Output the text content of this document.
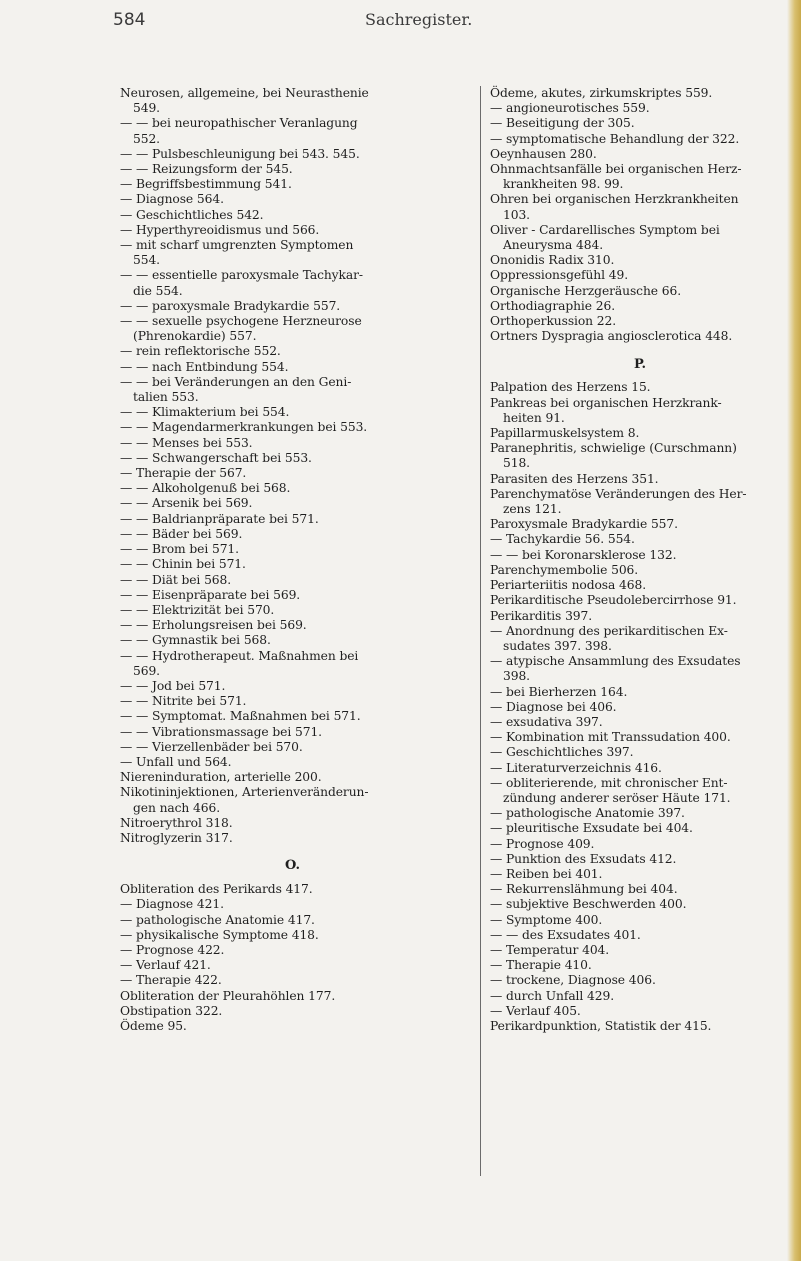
584	Sachregister.
Neurosen, allgemeine, bei Neurasthenie
549.
— — bei neuropathischer Veranlagung
552.
— — Pulsbeschleunigung bei 543. 545.
— — Reizungsform der 545.
— Begriffsbestimmung 541.
— Diagnose 564.
— Geschichtliches 542.
— Hyperthyreoidismus und 566.
— mit scharf umgrenzten Symptomen
554.
— — essentielle paroxysmale Tachykar-
die 554.
— — paroxysmale Bradykardie 557.
— — sexuelle psychogene Herzneurose
(Phrenokardie) 557.
— rein reflektorische 552.
— — nach Entbindung 554.
— — bei Veränderungen an den Geni-
talien 553.
— — Klimakterium bei 554.
— — Magendarmerkrankungen bei 553.
— — Menses bei 553.
— — Schwangerschaft bei 553.
— Therapie der 567.
— — Alkoholgenuß bei 568.
— — Arsenik bei 569.
— — Baldrianpräparate bei 571.
— — Bäder bei 569.
— — Brom bei 571.
— — Chinin bei 571.
— — Diät bei 568.
— — Eisenpräparate bei 569.
— — Elektrizität bei 570.
— — Erholungsreisen bei 569.
— — Gymnastik bei 568.
— — Hydrotherapeut. Maßnahmen bei
569.
— — Jod bei 571.
— — Nitrite bei 571.
— — Symptomat. Maßnahmen bei 571.
— — Vibrationsmassage bei 571.
— — Vierzellenbäder bei 570.
— Unfall und 564.
Niereninduration, arterielle 200.
Nikotininjektionen, Arterienveränderun-
gen nach 466.
Nitroerythrol 318.
Nitroglyzerin 317.
O.
Obliteration des Perikards 417.
— Diagnose 421.
— pathologische Anatomie 417.
— physikalische Symptome 418.
— Prognose 422.
— Verlauf 421.
— Therapie 422.
Obliteration der Pleurahöhlen 177.
Obstipation 322.
Ödeme 95.
Ödeme, akutes, zirkumskriptes 559.
— angioneurotisches 559.
— Beseitigung der 305.
— symptomatische Behandlung der 322.
Oeynhausen 280.
Ohnmachtsanfälle bei organischen Herz-
krankheiten 98. 99.
Ohren bei organischen Herzkrankheiten
103.
Oliver - Cardarellisches Symptom bei
Aneurysma 484.
Ononidis Radix 310.
Oppressionsgefühl 49.
Organische Herzgeräusche 66.
Orthodiagraphie 26.
Orthoperkussion 22.
Ortners Dyspragia angiosclerotica 448.
P.
Palpation des Herzens 15.
Pankreas bei organischen Herzkrank-
heiten 91.
Papillarmuskelsystem 8.
Paranephritis, schwielige (Curschmann)
518.
Parasiten des Herzens 351.
Parenchymatöse Veränderungen des Her-
zens 121.
Paroxysmale Bradykardie 557.
— Tachykardie 56. 554.
— — bei Koronarsklerose 132.
Parenchymembolie 506.
Periarteriitis nodosa 468.
Perikarditische Pseudolebercirrhose 91.
Perikarditis 397.
— Anordnung des perikarditischen Ex-
sudates 397. 398.
— atypische Ansammlung des Exsudates
398.
— bei Bierherzen 164.
— Diagnose bei 406.
— exsudativa 397.
— Kombination mit Transsudation 400.
— Geschichtliches 397.
— Literaturverzeichnis 416.
— obliterierende, mit chronischer Ent-
zündung anderer seröser Häute 171.
— pathologische Anatomie 397.
— pleuritische Exsudate bei 404.
— Prognose 409.
— Punktion des Exsudats 412.
— Reiben bei 401.
— Rekurrenslähmung bei 404.
— subjektive Beschwerden 400.
— Symptome 400.
— — des Exsudates 401.
— Temperatur 404.
— Therapie 410.
— trockene, Diagnose 406.
— durch Unfall 429.
— Verlauf 405.
Perikardpunktion, Statistik der 415.
